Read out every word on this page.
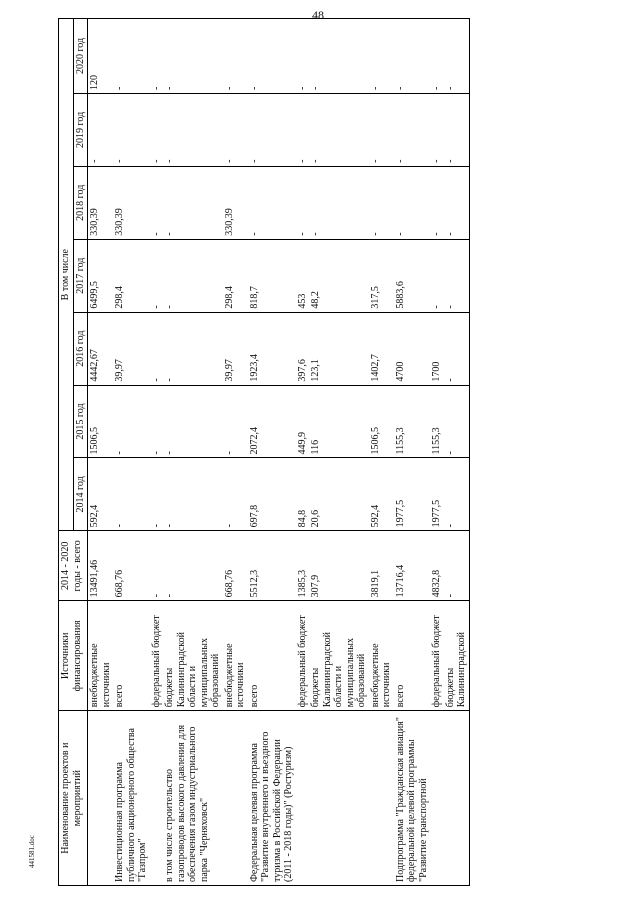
48
441581.doc Наименование проектов и мероприятий	Источники финансирования	2014 - 2020 годы - всего	В том числе						
			2014 год	2015 год	2016 год	2017 год	2018 год	2019 год	2020 год
	внебюджетные источники	13491,46	592,4	1506,5	4442,67	6499,5	330,39	-	120
Инвестиционная программа публичного акционерного общества "Газпром"	всего	668,76	-	-	39,97	298,4	330,39	-	-
	федеральный бюджет	-	-	-	-	-	-	-	-
в том числе строительство газопроводов высокого давления для обеспечения газом индустриального парка "Черняховск"	бюджеты Калининградской области и муниципальных образований	-	-	-	-	-	-	-	-
	внебюджетные источники	668,76	-	-	39,97	298,4	330,39	-	-
Федеральная целевая программа "Развитие внутреннего и въездного туризма в Российской Федерации (2011 - 2018 годы)" (Ростуризм)	всего	5512,3	697,8	2072,4	1923,4	818,7	-	-	-
	федеральный бюджет	1385,3	84,8	449,9	397,6	453	-	-	-
	бюджеты Калининградской области и муниципальных образований	307,9	20,6	116	123,1	48,2	-	-	-
	внебюджетные источники	3819,1	592,4	1506,5	1402,7	317,5	-	-	-
Подпрограмма "Гражданская авиация" федеральной целевой программы "Развитие транспортной	всего	13716,4	1977,5	1155,3	4700	5883,6	-	-	-
	федеральный бюджет	4832,8	1977,5	1155,3	1700	-	-	-	-
	бюджеты Калининградской	-	-	-	-	-	-	-	-
